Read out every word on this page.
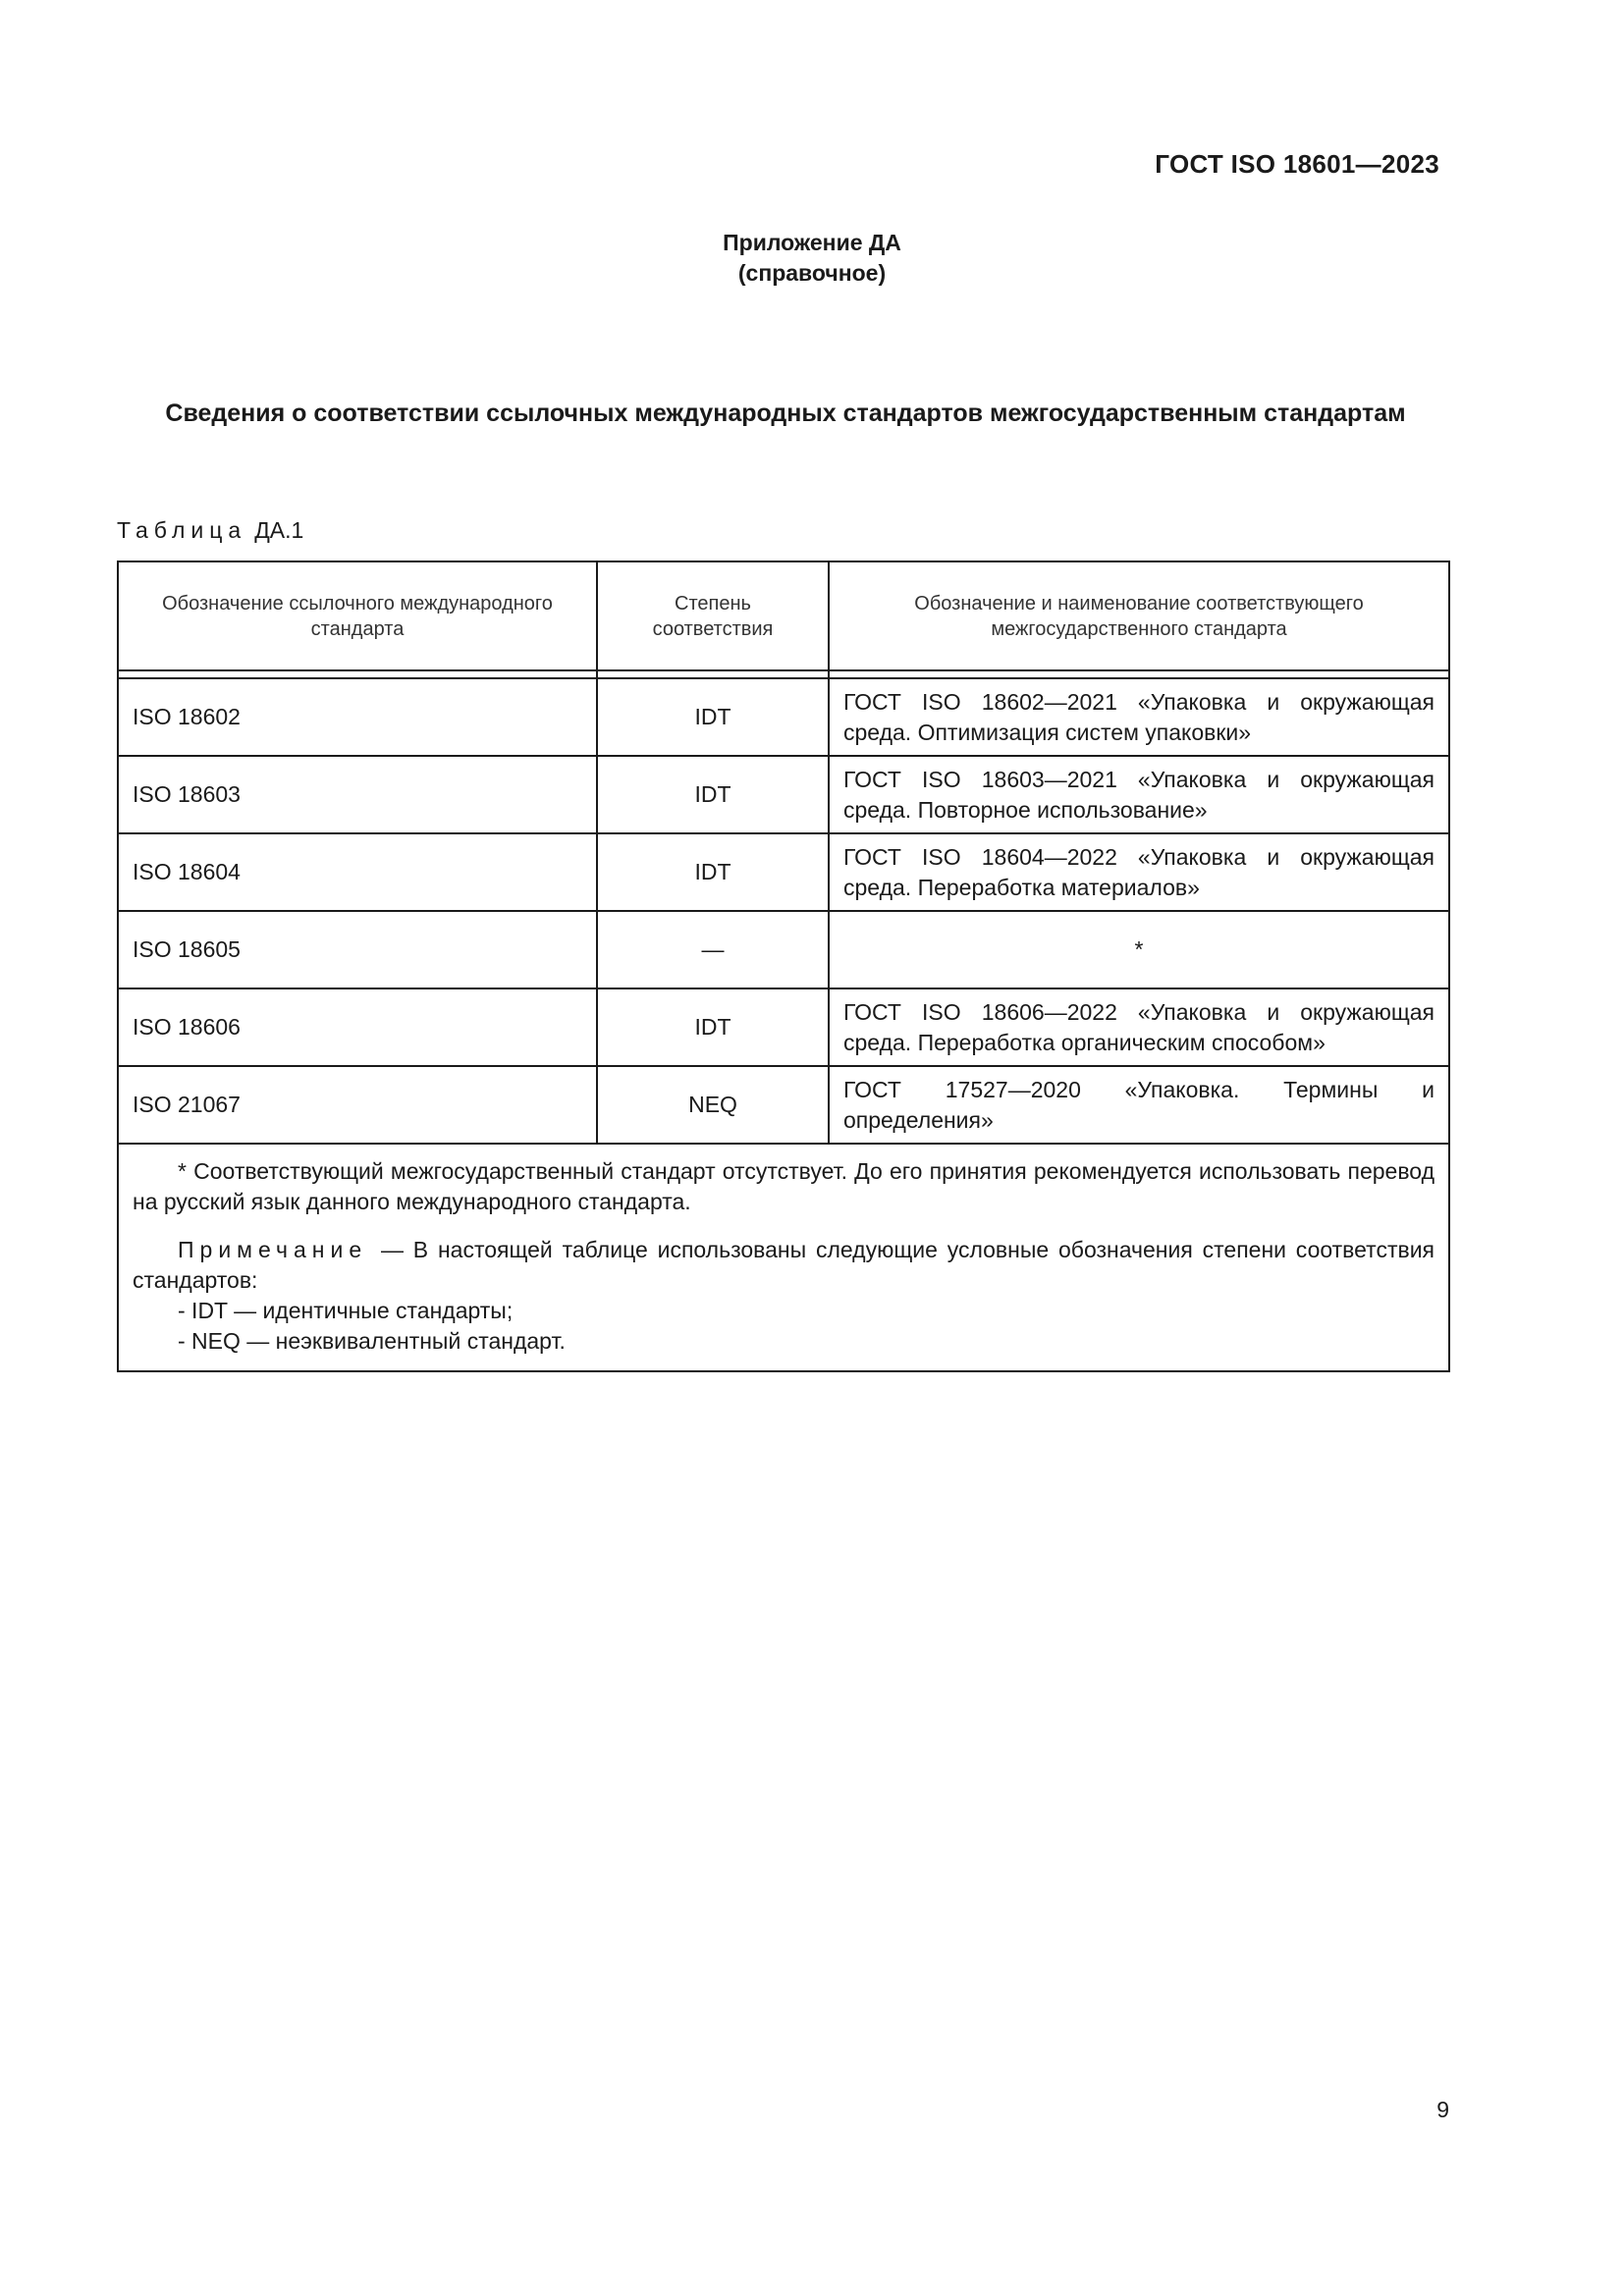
ГОСТ ISO 18601—2023
Приложение ДА
(справочное)
Сведения о соответствии ссылочных международных стандартов межгосударственным стандартам
Таблица ДА.1
Обозначение ссылочного международного стандарта	Степень соответствия	Обозначение и наименование соответствующего межгосударственного стандарта

ISO 18602	IDT	ГОСТ ISO 18602—2021 «Упаковка и окружающая среда. Оптимизация систем упаковки»
ISO 18603	IDT	ГОСТ ISO 18603—2021 «Упаковка и окружающая среда. Повторное использование»
ISO 18604	IDT	ГОСТ ISO 18604—2022 «Упаковка и окружающая среда. Переработка материалов»
ISO 18605	—	*
ISO 18606	IDT	ГОСТ ISO 18606—2022 «Упаковка и окружающая среда. Переработка органическим способом»
ISO 21067	NEQ	ГОСТ 17527—2020 «Упаковка. Термины и определения»

* Соответствующий межгосударственный стандарт отсутствует. До его принятия рекомендуется использовать перевод на русский язык данного международного стандарта.

Примечание — В настоящей таблице использованы следующие условные обозначения степени соответствия стандартов:

- IDT — идентичные стандарты;

- NEQ — неэквивалентный стандарт.		

9
